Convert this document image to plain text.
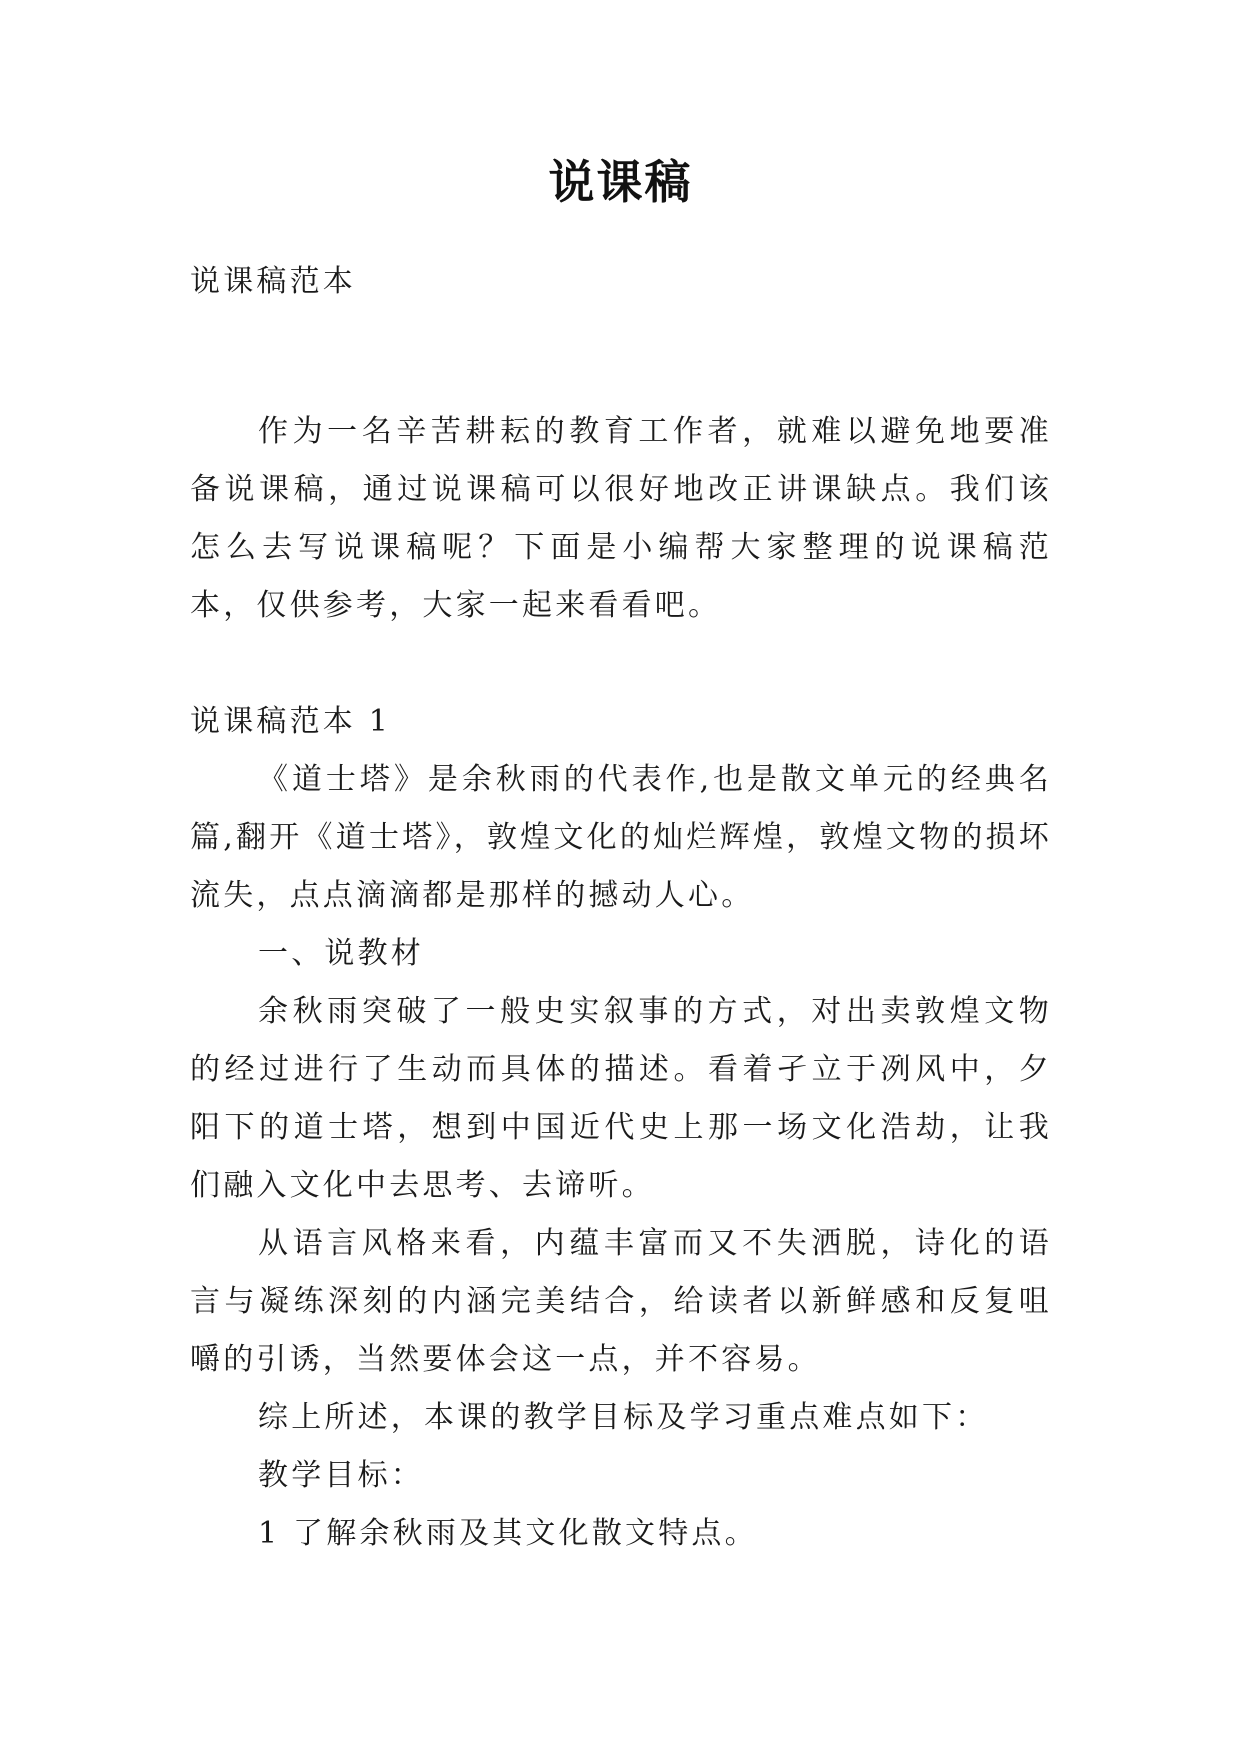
说课稿

说课稿范本

作为一名辛苦耕耘的教育工作者，就难以避免地要准备说课稿，通过说课稿可以很好地改正讲课缺点。我们该怎么去写说课稿呢？下面是小编帮大家整理的说课稿范本，仅供参考，大家一起来看看吧。

说课稿范本 1

《道士塔》是余秋雨的代表作,也是散文单元的经典名篇,翻开《道士塔》，敦煌文化的灿烂辉煌，敦煌文物的损坏流失，点点滴滴都是那样的撼动人心。

一、说教材

余秋雨突破了一般史实叙事的方式，对出卖敦煌文物的经过进行了生动而具体的描述。看着孑立于冽风中，夕阳下的道士塔，想到中国近代史上那一场文化浩劫，让我们融入文化中去思考、去谛听。

从语言风格来看，内蕴丰富而又不失洒脱，诗化的语言与凝练深刻的内涵完美结合，给读者以新鲜感和反复咀嚼的引诱，当然要体会这一点，并不容易。

综上所述，本课的教学目标及学习重点难点如下：

教学目标：

1 了解余秋雨及其文化散文特点。
